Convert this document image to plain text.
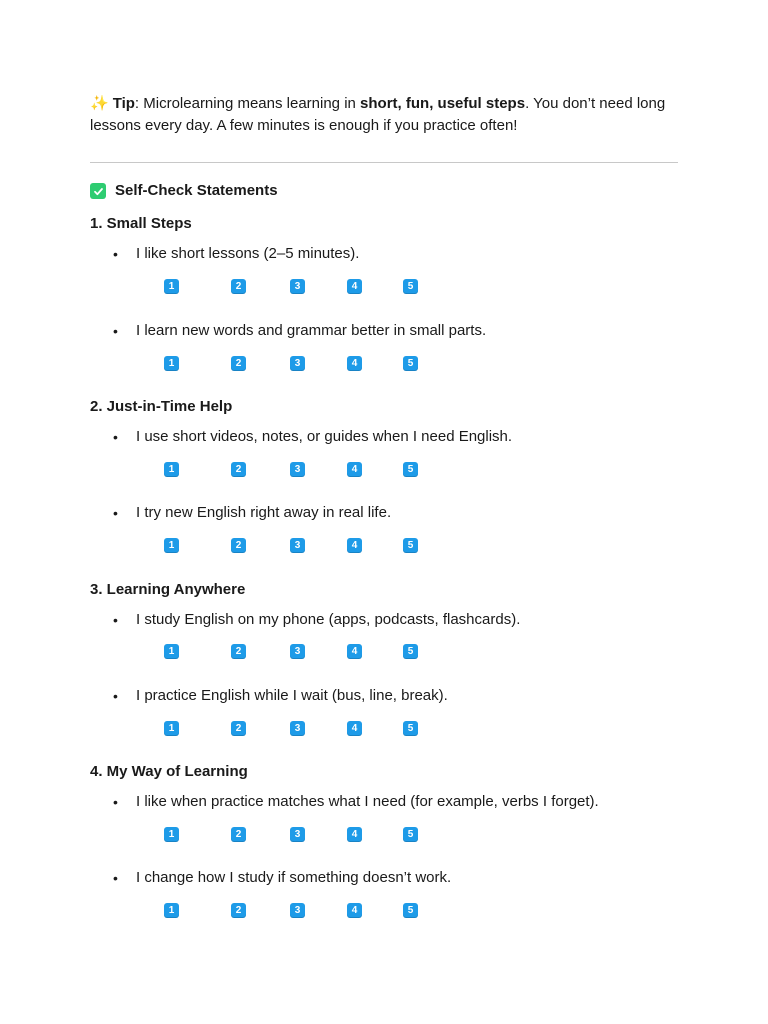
✨ Tip: Microlearning means learning in short, fun, useful steps. You don’t need long lessons every day. A few minutes is enough if you practice often!
Self-Check Statements
1. Small Steps
•	I like short lessons (2–5 minutes).
1	2	3	4	5
•	I learn new words and grammar better in small parts.
1	2	3	4	5
2. Just-in-Time Help
•	I use short videos, notes, or guides when I need English.
1	2	3	4	5
•	I try new English right away in real life.
1	2	3	4	5
3. Learning Anywhere
•	I study English on my phone (apps, podcasts, flashcards).
1	2	3	4	5
•	I practice English while I wait (bus, line, break).
1	2	3	4	5
4. My Way of Learning
•	I like when practice matches what I need (for example, verbs I forget).
1	2	3	4	5
•	I change how I study if something doesn’t work.
1	2	3	4	5
